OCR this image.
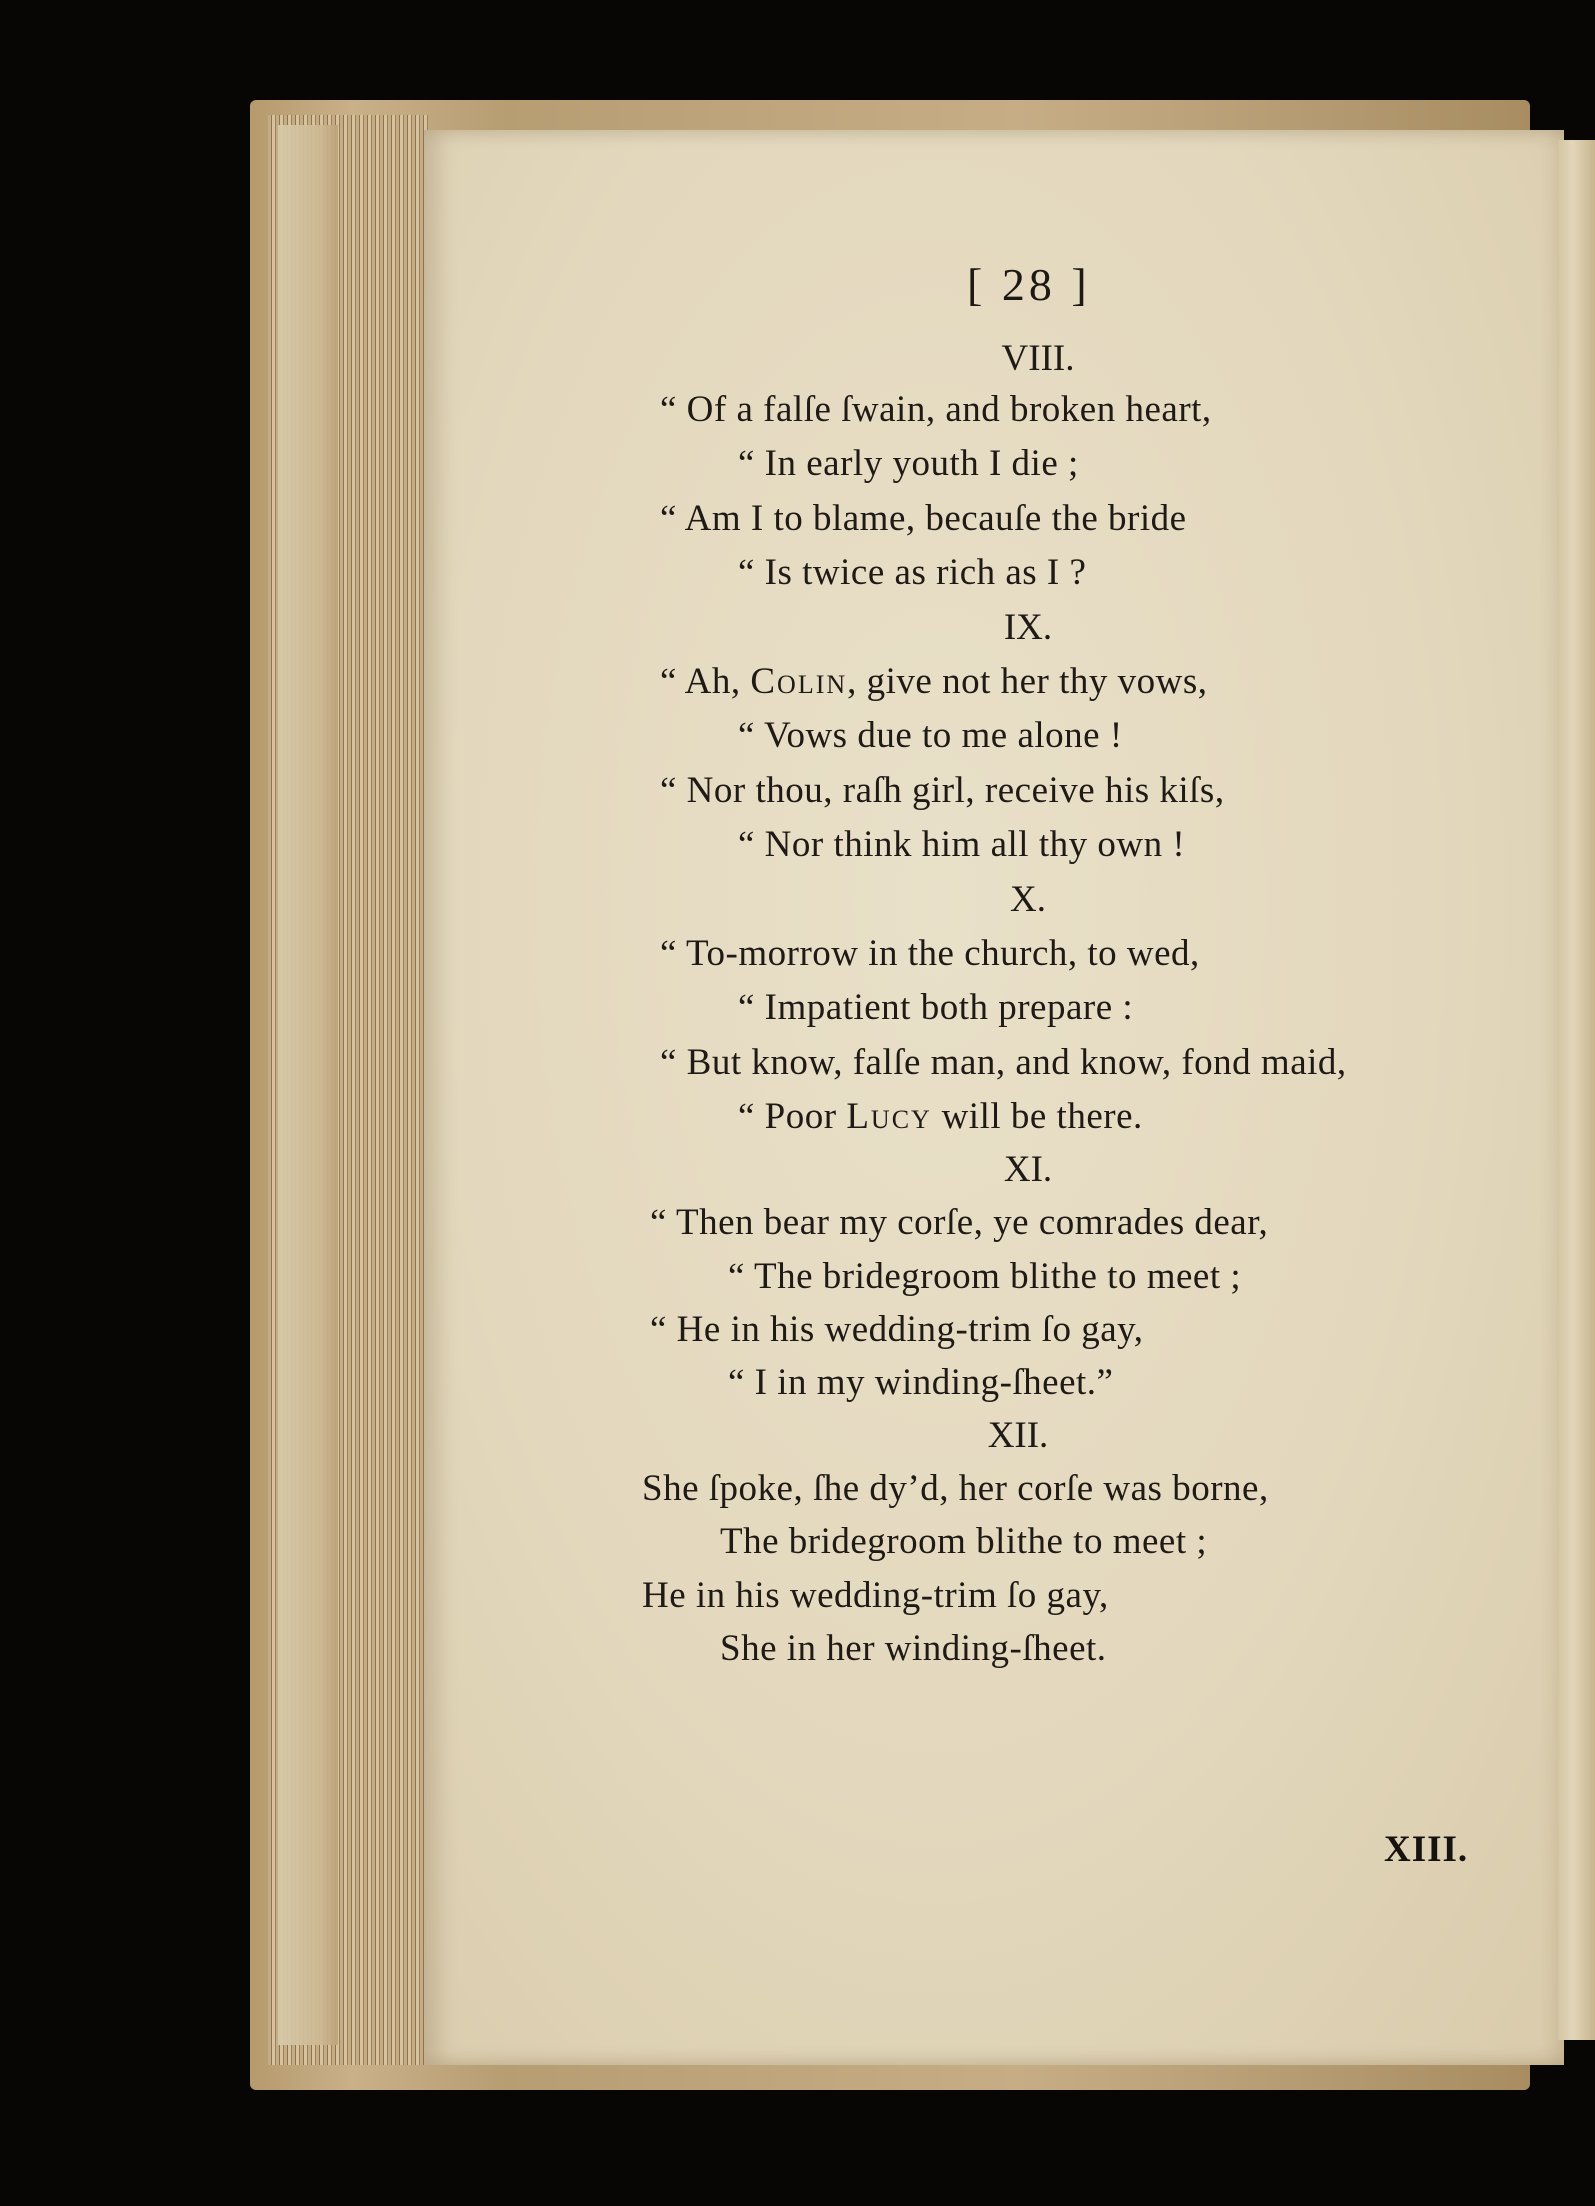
[ 28 ]
VIII.
“ Of a falſe ſwain, and broken heart,
“ In early youth I die ;
“ Am I to blame, becauſe the bride
“ Is twice as rich as I ?
IX.
“ Ah, Colin, give not her thy vows,
“ Vows due to me alone !
“ Nor thou, raſh girl, receive his kiſs,
“ Nor think him all thy own !
X.
“ To-morrow in the church, to wed,
“ Impatient both prepare :
“ But know, falſe man, and know, fond maid,
“ Poor Lucy will be there.
XI.
“ Then bear my corſe, ye comrades dear,
“ The bridegroom blithe to meet ;
“ He in his wedding-trim ſo gay,
“ I in my winding-ſheet.”
XII.
She ſpoke, ſhe dy’d, her corſe was borne,
The bridegroom blithe to meet ;
He in his wedding-trim ſo gay,
She in her winding-ſheet.
XIII.
